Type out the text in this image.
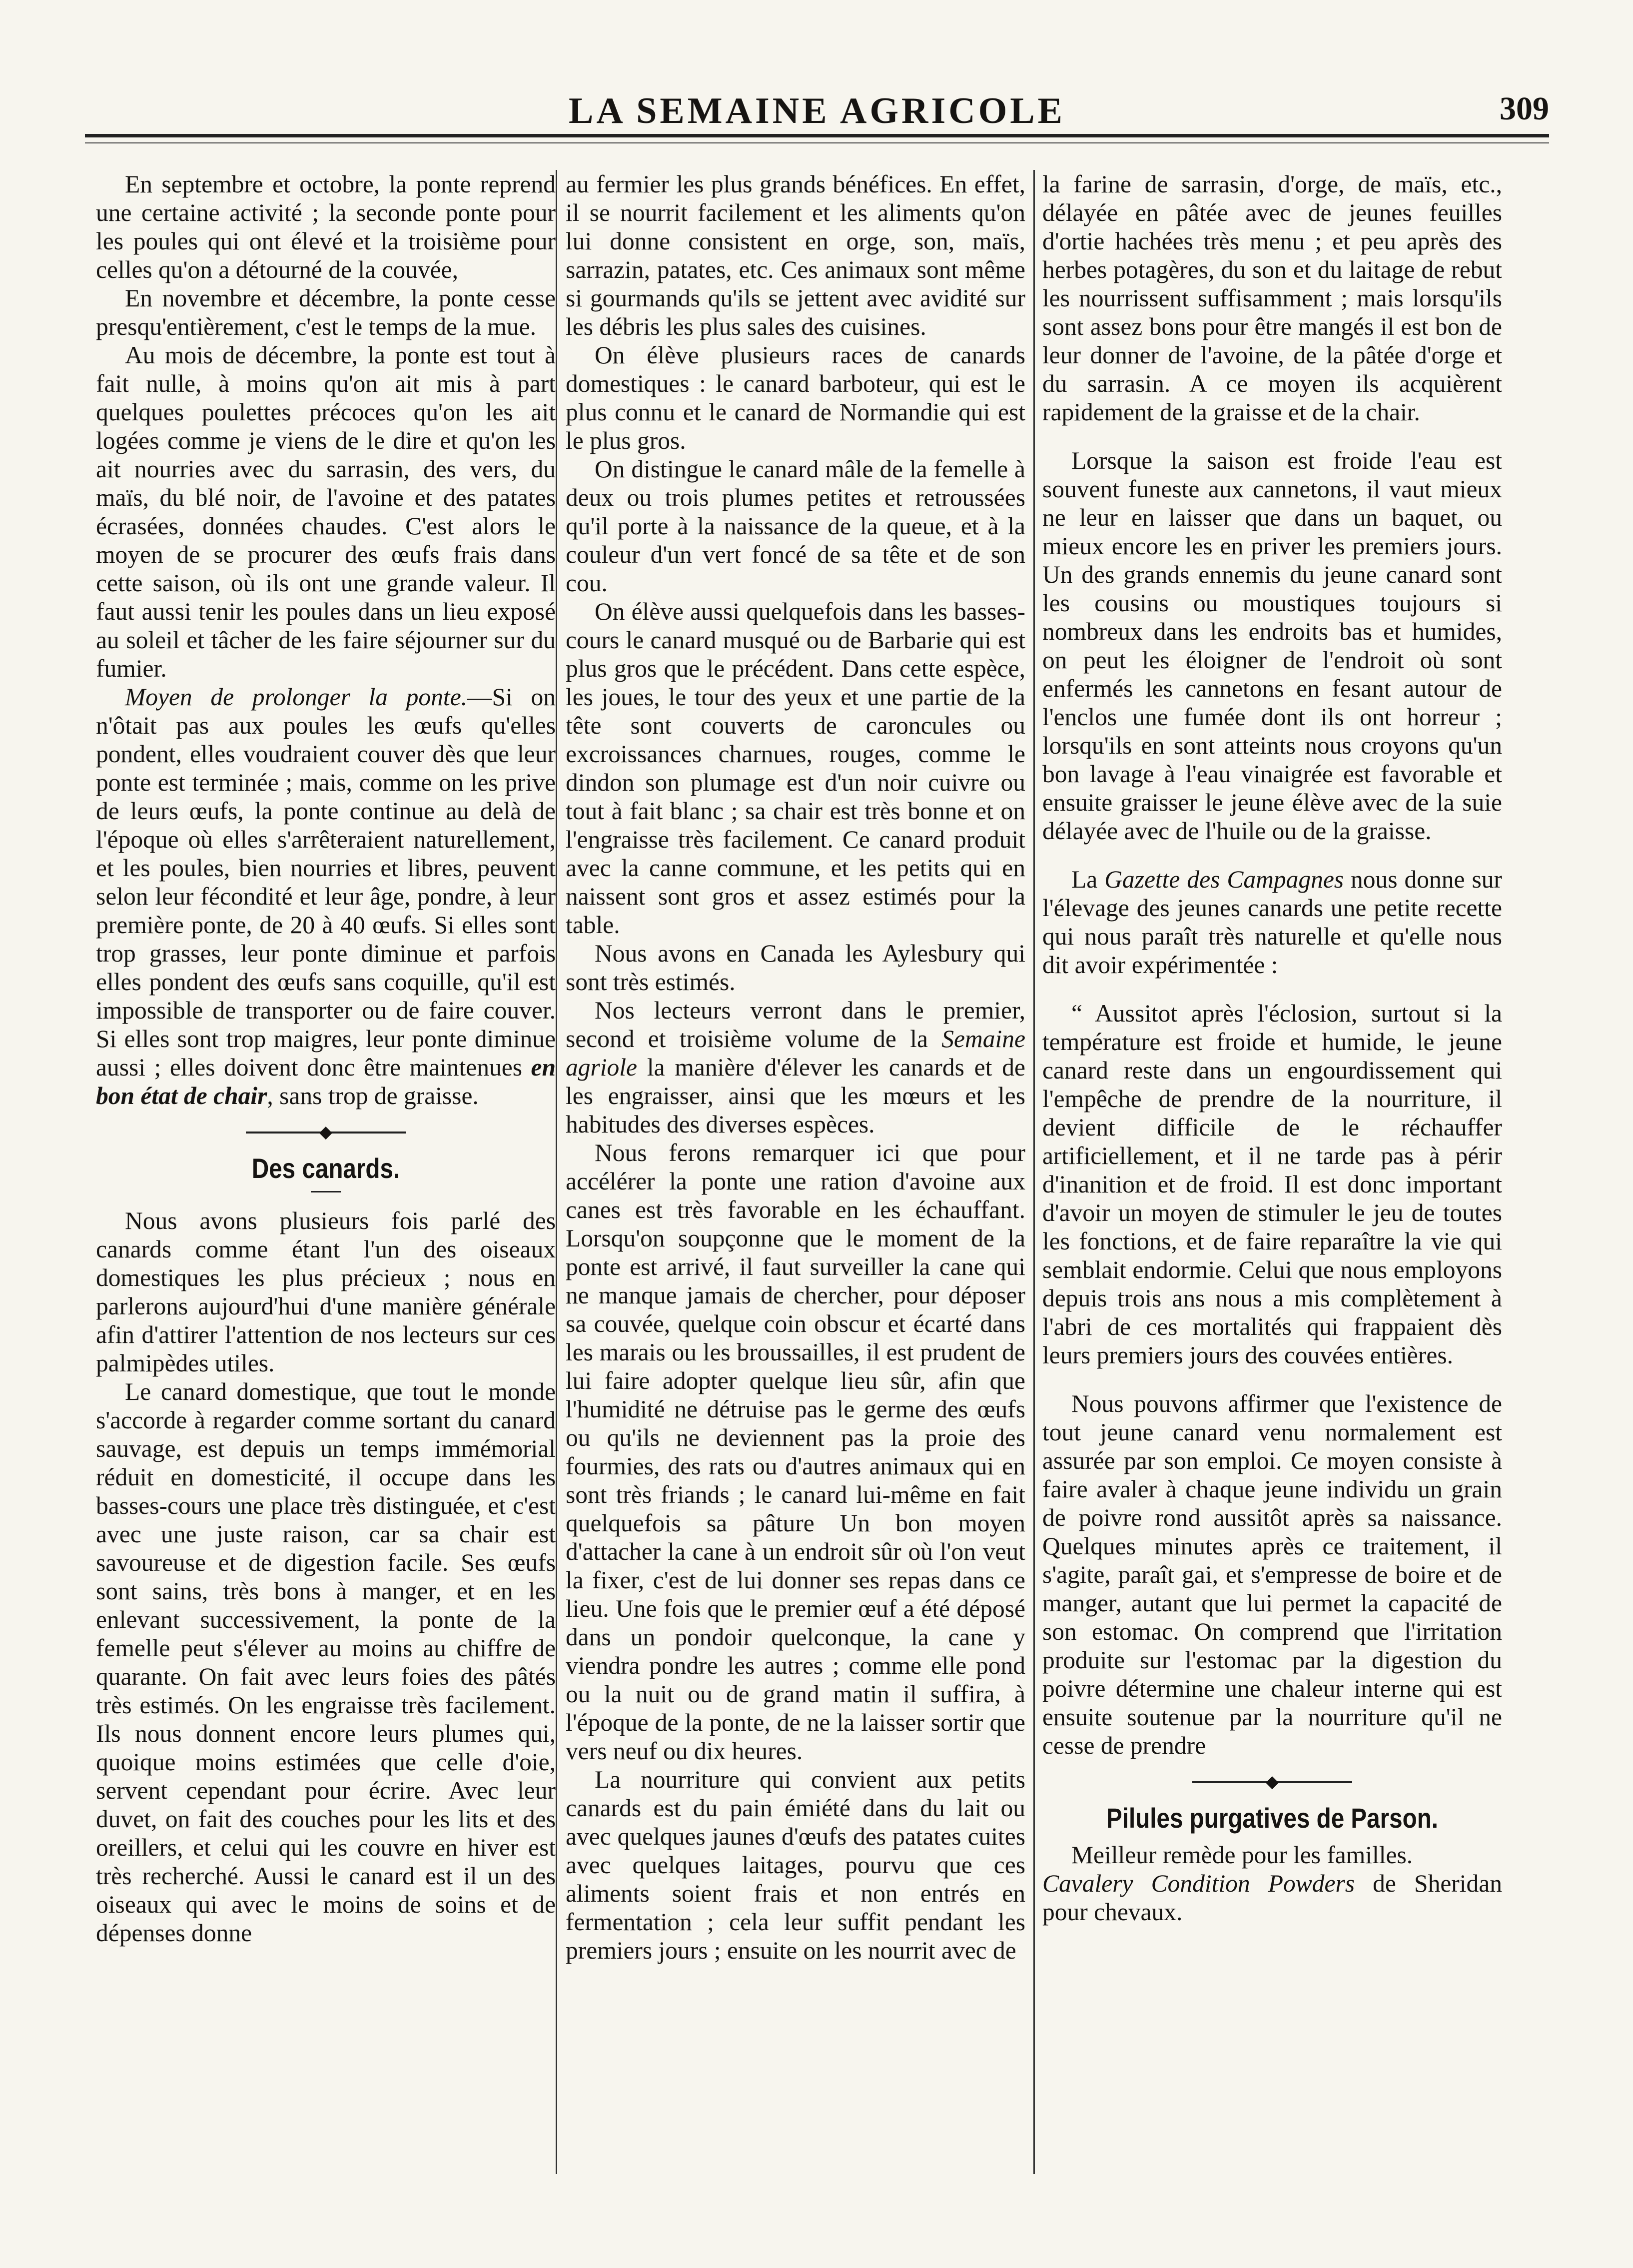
LA SEMAINE AGRICOLE	309

En septembre et octobre, la ponte reprend une certaine activité ; la seconde ponte pour les poules qui ont élevé et la troisième pour celles qu'on a détourné de la couvée,

En novembre et décembre, la ponte cesse presqu'entièrement, c'est le temps de la mue.

Au mois de décembre, la ponte est tout à fait nulle, à moins qu'on ait mis à part quelques poulettes précoces qu'on les ait logées comme je viens de le dire et qu'on les ait nourries avec du sarrasin, des vers, du maïs, du blé noir, de l'avoine et des patates écrasées, données chaudes. C'est alors le moyen de se procurer des œufs frais dans cette saison, où ils ont une grande valeur. Il faut aussi tenir les poules dans un lieu exposé au soleil et tâcher de les faire séjourner sur du fumier.

Moyen de prolonger la ponte.—Si on n'ôtait pas aux poules les œufs qu'elles pondent, elles voudraient couver dès que leur ponte est terminée ; mais, comme on les prive de leurs œufs, la ponte continue au delà de l'époque où elles s'arrêteraient naturellement, et les poules, bien nourries et libres, peuvent selon leur fécondité et leur âge, pondre, à leur première ponte, de 20 à 40 œufs. Si elles sont trop grasses, leur ponte diminue et parfois elles pondent des œufs sans coquille, qu'il est impossible de transporter ou de faire couver. Si elles sont trop maigres, leur ponte diminue aussi ; elles doivent donc être maintenues en bon état de chair, sans trop de graisse.

◆
Des canards.

Nous avons plusieurs fois parlé des canards comme étant l'un des oiseaux domestiques les plus précieux ; nous en parlerons aujourd'hui d'une manière générale afin d'attirer l'attention de nos lecteurs sur ces palmipèdes utiles.

Le canard domestique, que tout le monde s'accorde à regarder comme sortant du canard sauvage, est depuis un temps immémorial réduit en domesticité, il occupe dans les basses-cours une place très distinguée, et c'est avec une juste raison, car sa chair est savoureuse et de digestion facile. Ses œufs sont sains, très bons à manger, et en les enlevant successivement, la ponte de la femelle peut s'élever au moins au chiffre de quarante. On fait avec leurs foies des pâtés très estimés. On les engraisse très facilement. Ils nous donnent encore leurs plumes qui, quoique moins estimées que celle d'oie, servent cependant pour écrire. Avec leur duvet, on fait des couches pour les lits et des oreillers, et celui qui les couvre en hiver est très recherché. Aussi le canard est il un des oiseaux qui avec le moins de soins et de dépenses donne

au fermier les plus grands bénéfices. En effet, il se nourrit facilement et les aliments qu'on lui donne consistent en orge, son, maïs, sarrazin, patates, etc. Ces animaux sont même si gourmands qu'ils se jettent avec avidité sur les débris les plus sales des cuisines.

On élève plusieurs races de canards domestiques : le canard barboteur, qui est le plus connu et le canard de Normandie qui est le plus gros.

On distingue le canard mâle de la femelle à deux ou trois plumes petites et retroussées qu'il porte à la naissance de la queue, et à la couleur d'un vert foncé de sa tête et de son cou.

On élève aussi quelquefois dans les basses-cours le canard musqué ou de Barbarie qui est plus gros que le précédent. Dans cette espèce, les joues, le tour des yeux et une partie de la tête sont couverts de caroncules ou excroissances charnues, rouges, comme le dindon son plumage est d'un noir cuivre ou tout à fait blanc ; sa chair est très bonne et on l'engraisse très facilement. Ce canard produit avec la canne commune, et les petits qui en naissent sont gros et assez estimés pour la table.

Nous avons en Canada les Aylesbury qui sont très estimés.

Nos lecteurs verront dans le premier, second et troisième volume de la Semaine agriole la manière d'élever les canards et de les engraisser, ainsi que les mœurs et les habitudes des diverses espèces.

Nous ferons remarquer ici que pour accélérer la ponte une ration d'avoine aux canes est très favorable en les échauffant. Lorsqu'on soupçonne que le moment de la ponte est arrivé, il faut surveiller la cane qui ne manque jamais de chercher, pour déposer sa couvée, quelque coin obscur et écarté dans les marais ou les broussailles, il est prudent de lui faire adopter quelque lieu sûr, afin que l'humidité ne détruise pas le germe des œufs ou qu'ils ne deviennent pas la proie des fourmies, des rats ou d'autres animaux qui en sont très friands ; le canard lui-même en fait quelquefois sa pâture Un bon moyen d'attacher la cane à un endroit sûr où l'on veut la fixer, c'est de lui donner ses repas dans ce lieu. Une fois que le premier œuf a été déposé dans un pondoir quelconque, la cane y viendra pondre les autres ; comme elle pond ou la nuit ou de grand matin il suffira, à l'époque de la ponte, de ne la laisser sortir que vers neuf ou dix heures.

La nourriture qui convient aux petits canards est du pain émiété dans du lait ou avec quelques jaunes d'œufs des patates cuites avec quelques laitages, pourvu que ces aliments soient frais et non entrés en fermentation ; cela leur suffit pendant les premiers jours ; ensuite on les nourrit avec de

la farine de sarrasin, d'orge, de maïs, etc., délayée en pâtée avec de jeunes feuilles d'ortie hachées très menu ; et peu après des herbes potagères, du son et du laitage de rebut les nourrissent suffisamment ; mais lorsqu'ils sont assez bons pour être mangés il est bon de leur donner de l'avoine, de la pâtée d'orge et du sarrasin. A ce moyen ils acquièrent rapidement de la graisse et de la chair.

Lorsque la saison est froide l'eau est souvent funeste aux cannetons, il vaut mieux ne leur en laisser que dans un baquet, ou mieux encore les en priver les premiers jours. Un des grands ennemis du jeune canard sont les cousins ou moustiques toujours si nombreux dans les endroits bas et humides, on peut les éloigner de l'endroit où sont enfermés les cannetons en fesant autour de l'enclos une fumée dont ils ont horreur ; lorsqu'ils en sont atteints nous croyons qu'un bon lavage à l'eau vinaigrée est favorable et ensuite graisser le jeune élève avec de la suie délayée avec de l'huile ou de la graisse.

La Gazette des Campagnes nous donne sur l'élevage des jeunes canards une petite recette qui nous paraît très naturelle et qu'elle nous dit avoir expérimentée :

“ Aussitot après l'éclosion, surtout si la température est froide et humide, le jeune canard reste dans un engourdissement qui l'empêche de prendre de la nourriture, il devient difficile de le réchauffer artificiellement, et il ne tarde pas à périr d'inanition et de froid. Il est donc important d'avoir un moyen de stimuler le jeu de toutes les fonctions, et de faire reparaître la vie qui semblait endormie. Celui que nous employons depuis trois ans nous a mis complètement à l'abri de ces mortalités qui frappaient dès leurs premiers jours des couvées entières.

Nous pouvons affirmer que l'existence de tout jeune canard venu normalement est assurée par son emploi. Ce moyen consiste à faire avaler à chaque jeune individu un grain de poivre rond aussitôt après sa naissance. Quelques minutes après ce traitement, il s'agite, paraît gai, et s'empresse de boire et de manger, autant que lui permet la capacité de son estomac. On comprend que l'irritation produite sur l'estomac par la digestion du poivre détermine une chaleur interne qui est ensuite soutenue par la nourriture qu'il ne cesse de prendre

◆
Pilules purgatives de Parson.

Meilleur remède pour les familles.

Cavalery Condition Powders de Sheridan pour chevaux.
